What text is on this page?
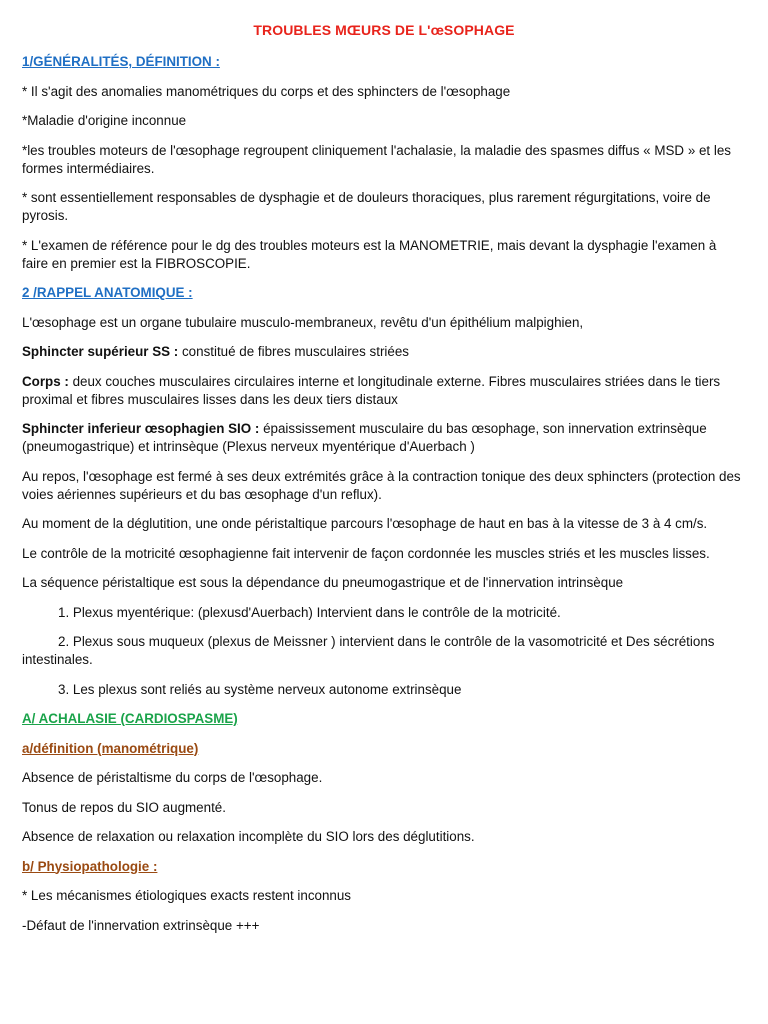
TROUBLES MŒURS DE L'œSOPHAGE
1/GÉNÉRALITÉS, DÉFINITION :
* Il s'agit des anomalies manométriques du corps et des sphincters de l'œsophage
*Maladie d'origine inconnue
*les troubles moteurs de l'œsophage regroupent cliniquement l'achalasie, la maladie des spasmes diffus « MSD » et les formes intermédiaires.
* sont essentiellement responsables de dysphagie et de douleurs thoraciques, plus rarement régurgitations, voire de pyrosis.
* L'examen de référence pour le dg des troubles moteurs est la MANOMETRIE, mais devant la dysphagie l'examen à faire en premier est la FIBROSCOPIE.
2 /RAPPEL ANATOMIQUE :
L'œsophage est un organe tubulaire musculo-membraneux, revêtu d'un épithélium malpighien,
Sphincter supérieur SS : constitué de fibres musculaires striées
Corps : deux couches musculaires circulaires interne et longitudinale externe. Fibres musculaires striées dans le tiers proximal et fibres musculaires lisses dans les deux tiers distaux
Sphincter inferieur œsophagien SIO : épaississement musculaire du bas œsophage, son innervation extrinsèque (pneumogastrique) et intrinsèque (Plexus nerveux myentérique d'Auerbach )
Au repos, l'œsophage est fermé à ses deux extrémités grâce à la contraction tonique des deux sphincters (protection des voies aériennes supérieurs et du bas œsophage d'un reflux).
Au moment de la déglutition, une onde péristaltique parcours l'œsophage de haut en bas à la vitesse de 3 à 4 cm/s.
Le contrôle de la motricité œsophagienne fait intervenir de façon cordonnée les muscles striés et les muscles lisses.
La séquence péristaltique est sous la dépendance du pneumogastrique et de l'innervation intrinsèque
1. Plexus myentérique: (plexusd'Auerbach) Intervient dans le contrôle de la motricité.
2. Plexus sous muqueux (plexus de Meissner ) intervient dans le contrôle de la vasomotricité et Des sécrétions intestinales.
3. Les plexus sont reliés au système nerveux autonome extrinsèque
A/ ACHALASIE (CARDIOSPASME)
a/définition (manométrique)
Absence de péristaltisme du corps de l'œsophage.
Tonus de repos du SIO augmenté.
Absence de relaxation ou relaxation incomplète du SIO lors des déglutitions.
b/ Physiopathologie :
* Les mécanismes étiologiques exacts restent inconnus
-Défaut de l'innervation extrinsèque +++
